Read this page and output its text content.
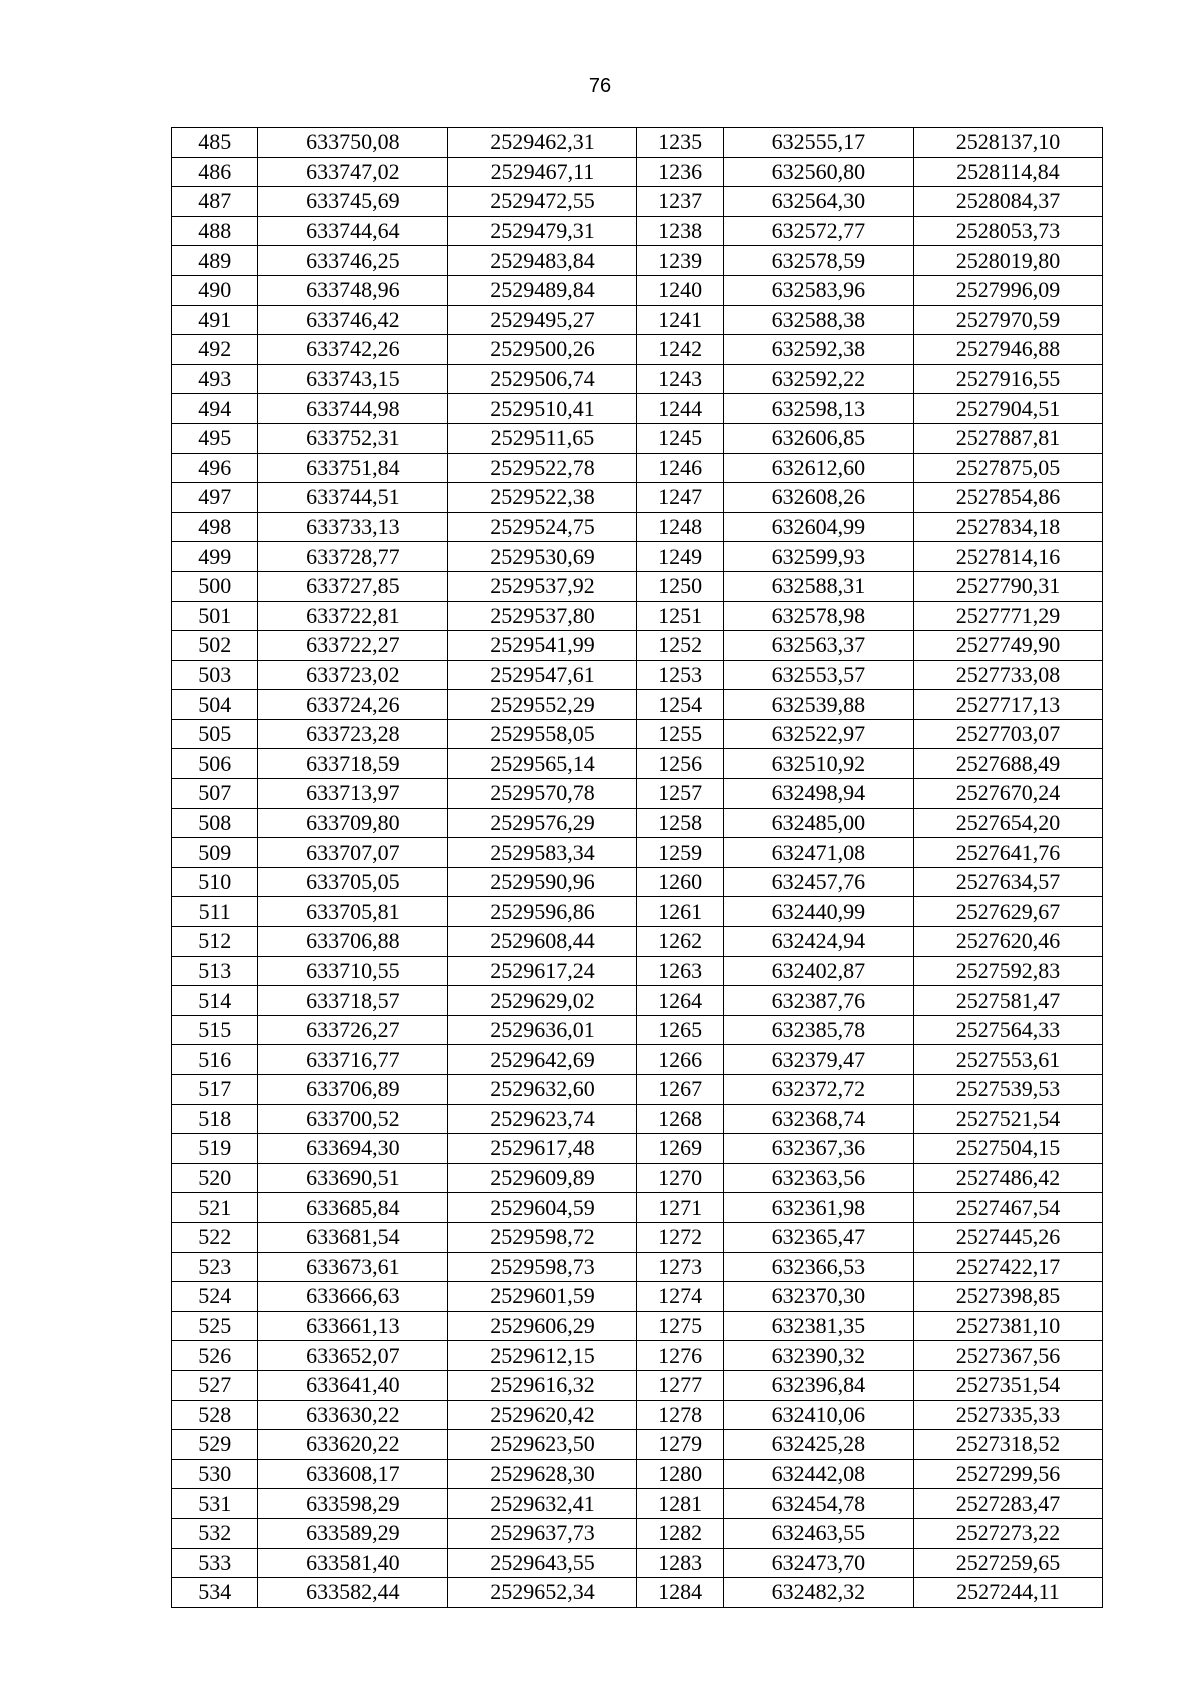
76
485	633750,08	2529462,31	1235	632555,17	2528137,10
486	633747,02	2529467,11	1236	632560,80	2528114,84
487	633745,69	2529472,55	1237	632564,30	2528084,37
488	633744,64	2529479,31	1238	632572,77	2528053,73
489	633746,25	2529483,84	1239	632578,59	2528019,80
490	633748,96	2529489,84	1240	632583,96	2527996,09
491	633746,42	2529495,27	1241	632588,38	2527970,59
492	633742,26	2529500,26	1242	632592,38	2527946,88
493	633743,15	2529506,74	1243	632592,22	2527916,55
494	633744,98	2529510,41	1244	632598,13	2527904,51
495	633752,31	2529511,65	1245	632606,85	2527887,81
496	633751,84	2529522,78	1246	632612,60	2527875,05
497	633744,51	2529522,38	1247	632608,26	2527854,86
498	633733,13	2529524,75	1248	632604,99	2527834,18
499	633728,77	2529530,69	1249	632599,93	2527814,16
500	633727,85	2529537,92	1250	632588,31	2527790,31
501	633722,81	2529537,80	1251	632578,98	2527771,29
502	633722,27	2529541,99	1252	632563,37	2527749,90
503	633723,02	2529547,61	1253	632553,57	2527733,08
504	633724,26	2529552,29	1254	632539,88	2527717,13
505	633723,28	2529558,05	1255	632522,97	2527703,07
506	633718,59	2529565,14	1256	632510,92	2527688,49
507	633713,97	2529570,78	1257	632498,94	2527670,24
508	633709,80	2529576,29	1258	632485,00	2527654,20
509	633707,07	2529583,34	1259	632471,08	2527641,76
510	633705,05	2529590,96	1260	632457,76	2527634,57
511	633705,81	2529596,86	1261	632440,99	2527629,67
512	633706,88	2529608,44	1262	632424,94	2527620,46
513	633710,55	2529617,24	1263	632402,87	2527592,83
514	633718,57	2529629,02	1264	632387,76	2527581,47
515	633726,27	2529636,01	1265	632385,78	2527564,33
516	633716,77	2529642,69	1266	632379,47	2527553,61
517	633706,89	2529632,60	1267	632372,72	2527539,53
518	633700,52	2529623,74	1268	632368,74	2527521,54
519	633694,30	2529617,48	1269	632367,36	2527504,15
520	633690,51	2529609,89	1270	632363,56	2527486,42
521	633685,84	2529604,59	1271	632361,98	2527467,54
522	633681,54	2529598,72	1272	632365,47	2527445,26
523	633673,61	2529598,73	1273	632366,53	2527422,17
524	633666,63	2529601,59	1274	632370,30	2527398,85
525	633661,13	2529606,29	1275	632381,35	2527381,10
526	633652,07	2529612,15	1276	632390,32	2527367,56
527	633641,40	2529616,32	1277	632396,84	2527351,54
528	633630,22	2529620,42	1278	632410,06	2527335,33
529	633620,22	2529623,50	1279	632425,28	2527318,52
530	633608,17	2529628,30	1280	632442,08	2527299,56
531	633598,29	2529632,41	1281	632454,78	2527283,47
532	633589,29	2529637,73	1282	632463,55	2527273,22
533	633581,40	2529643,55	1283	632473,70	2527259,65
534	633582,44	2529652,34	1284	632482,32	2527244,11
